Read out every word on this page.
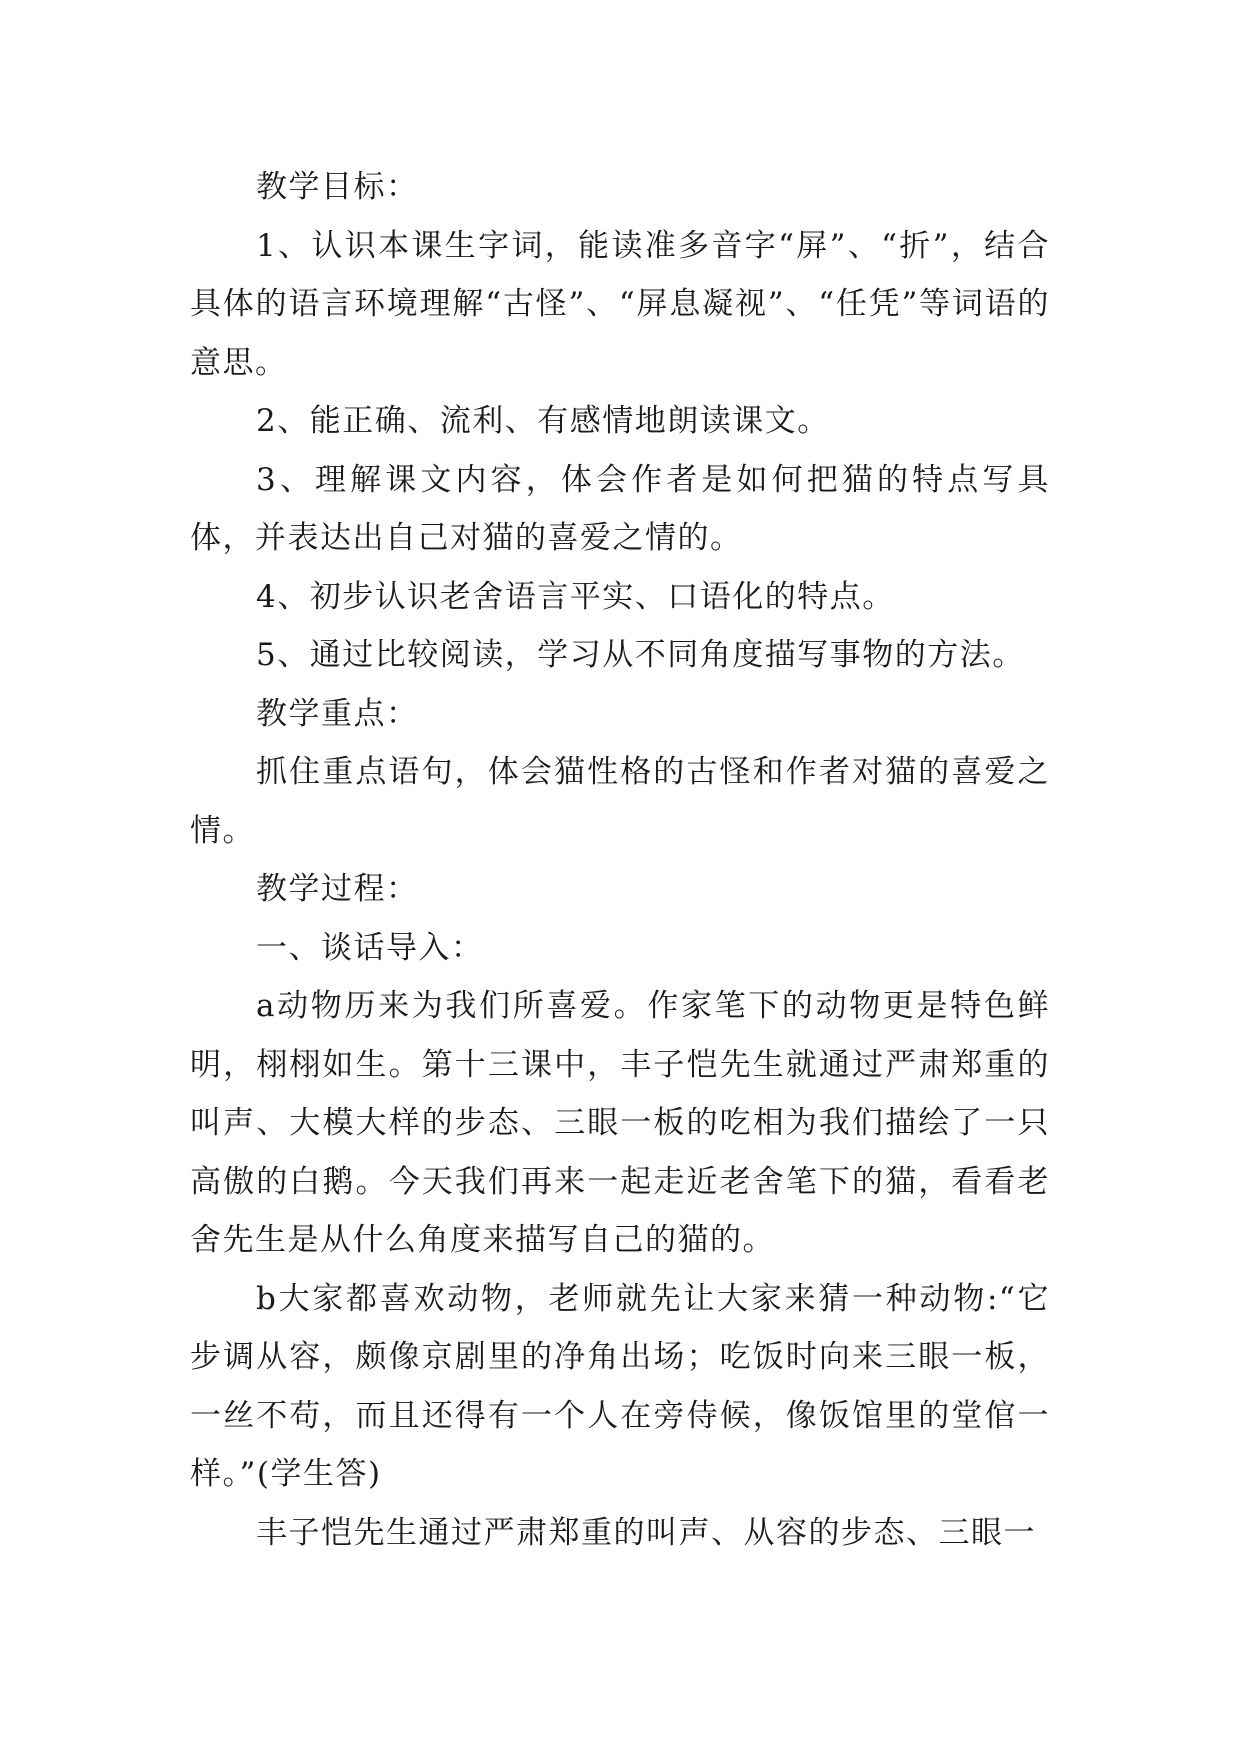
教学目标：

1、认识本课生字词，能读准多音字“屏”、“折”，结合具体的语言环境理解“古怪”、“屏息凝视”、“任凭”等词语的意思。

2、能正确、流利、有感情地朗读课文。

3、理解课文内容，体会作者是如何把猫的特点写具体，并表达出自己对猫的喜爱之情的。

4、初步认识老舍语言平实、口语化的特点。

5、通过比较阅读，学习从不同角度描写事物的方法。

教学重点：

抓住重点语句，体会猫性格的古怪和作者对猫的喜爱之情。

教学过程：

一、谈话导入：

a动物历来为我们所喜爱。作家笔下的动物更是特色鲜明，栩栩如生。第十三课中，丰子恺先生就通过严肃郑重的叫声、大模大样的步态、三眼一板的吃相为我们描绘了一只高傲的白鹅。今天我们再来一起走近老舍笔下的猫，看看老舍先生是从什么角度来描写自己的猫的。

b大家都喜欢动物，老师就先让大家来猜一种动物:“它步调从容，颇像京剧里的净角出场；吃饭时向来三眼一板，一丝不苟，而且还得有一个人在旁侍候，像饭馆里的堂倌一样。”(学生答)

丰子恺先生通过严肃郑重的叫声、从容的步态、三眼一
